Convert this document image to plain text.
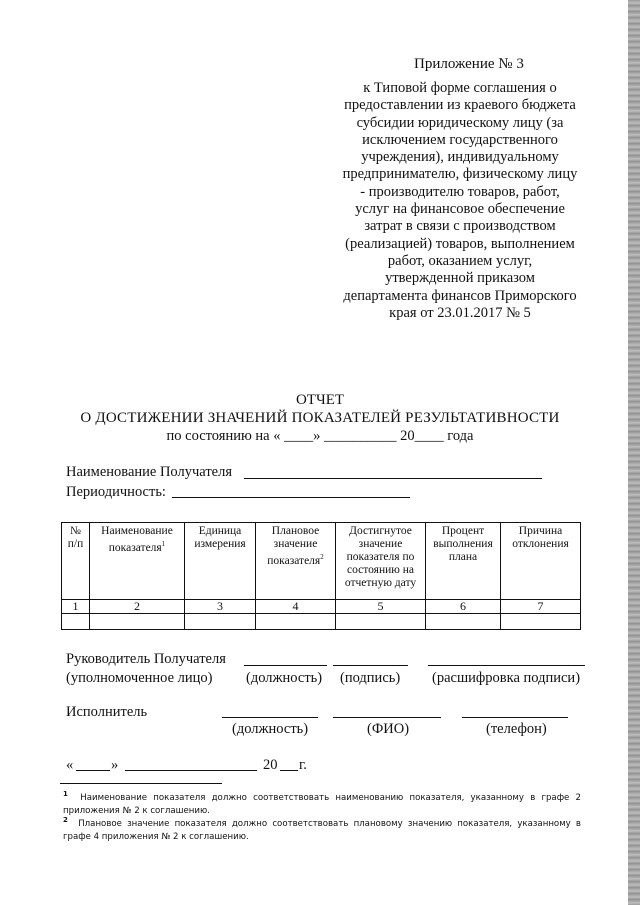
Приложение № 3
к Типовой форме соглашения о
предоставлении из краевого бюджета
субсидии юридическому лицу (за
исключением государственного
учреждения), индивидуальному
предпринимателю, физическому лицу
- производителю товаров, работ,
услуг на финансовое обеспечение
затрат в связи с производством
(реализацией) товаров, выполнением
работ, оказанием услуг,
утвержденной приказом
департамента финансов Приморского
края от 23.01.2017 № 5
ОТЧЕТ
О ДОСТИЖЕНИИ ЗНАЧЕНИЙ ПОКАЗАТЕЛЕЙ РЕЗУЛЬТАТИВНОСТИ
по состоянию на « ____» __________ 20____ года
Наименование Получателя
Периодичность:
№ п/п	Наименование показателя$^1$	Единица измерения	Плановое значение показателя$^2$	Достигнутое значение показателя по состоянию на отчетную дату	Процент выполнения плана	Причина отклонения
1	2	3	4	5	6	7

Руководитель Получателя
(уполномоченное лицо) (должность) (подпись) (расшифровка подписи)
Исполнитель
(должность)	(ФИО)	(телефон)
«	»	20 г.
$^1$ Наименование показателя должно соответствовать наименованию показателя, указанному в графе 2 приложения № 2 к соглашению.
$^2$ Плановое значение показателя должно соответствовать плановому значению показателя, указанному в графе 4 приложения № 2 к соглашению.
